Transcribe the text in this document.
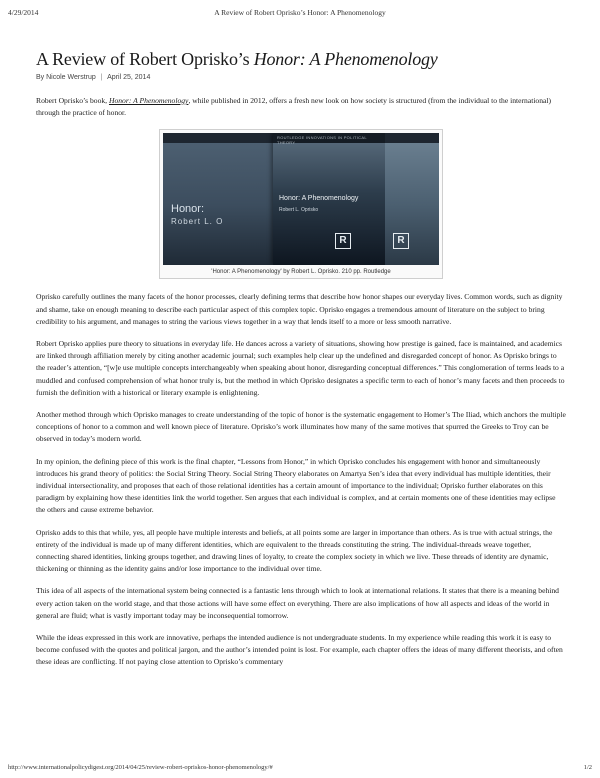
4/29/2014	A Review of Robert Oprisko’s Honor: A Phenomenology
A Review of Robert Oprisko’s Honor: A Phenomenology
By Nicole Werstrup | April 25, 2014

Robert Oprisko’s book, Honor: A Phenomenology, while published in 2012, offers a fresh new look on how society is structured (from the individual to the international) through the practice of honor.

Honor:
Robert L. O
ROUTLEDGE INNOVATIONS IN POLITICAL THEORY
Honor: A Phenomenology
Robert L. Oprisko
R	R
'Honor: A Phenomenology' by Robert L. Oprisko. 210 pp. Routledge

Oprisko carefully outlines the many facets of the honor processes, clearly defining terms that describe how honor shapes our everyday lives. Common words, such as dignity and shame, take on enough meaning to describe each particular aspect of this complex topic. Oprisko engages a tremendous amount of literature on the subject to bring credibility to his argument, and manages to string the various views together in a way that lends itself to a more or less smooth narrative.

Robert Oprisko applies pure theory to situations in everyday life. He dances across a variety of situations, showing how prestige is gained, face is maintained, and academics are linked through affiliation merely by citing another academic journal; such examples help clear up the undefined and disregarded concept of honor. As Oprisko brings to the reader’s attention, “[w]e use multiple concepts interchangeably when speaking about honor, disregarding conceptual differences.” This conglomeration of terms leads to a muddled and confused comprehension of what honor truly is, but the method in which Oprisko designates a specific term to each of honor’s many facets and then proceeds to furnish the definition with a historical or literary example is enlightening.

Another method through which Oprisko manages to create understanding of the topic of honor is the systematic engagement to Homer’s The Iliad, which anchors the multiple conceptions of honor to a common and well known piece of literature. Oprisko’s work illuminates how many of the same motives that spurred the Greeks to Troy can be observed in today’s modern world.

In my opinion, the defining piece of this work is the final chapter, “Lessons from Honor,” in which Oprisko concludes his engagement with honor and simultaneously introduces his grand theory of politics: the Social String Theory. Social String Theory elaborates on Amartya Sen’s idea that every individual has multiple identities, their individual intersectionality, and proposes that each of those relational identities has a certain amount of importance to the individual; Oprisko further elaborates on this paradigm by explaining how these identities link the world together. Sen argues that each individual is complex, and at certain moments one of these identities may eclipse the others and cause extreme behavior.

Oprisko adds to this that while, yes, all people have multiple interests and beliefs, at all points some are larger in importance than others. As is true with actual strings, the entirety of the individual is made up of many different identities, which are equivalent to the threads constituting the string. The individual-threads weave together, connecting shared identities, linking groups together, and drawing lines of loyalty, to create the complex society in which we live. These threads of identity are dynamic, thickening or thinning as the identity gains and/or lose importance to the individual over time.

This idea of all aspects of the international system being connected is a fantastic lens through which to look at international relations. It states that there is a meaning behind every action taken on the world stage, and that those actions will have some effect on everything. There are also implications of how all aspects and ideas of the world in general are fluid; what is vastly important today may be inconsequential tomorrow.

While the ideas expressed in this work are innovative, perhaps the intended audience is not undergraduate students. In my experience while reading this work it is easy to become confused with the quotes and political jargon, and the author’s intended point is lost. For example, each chapter offers the ideas of many different theorists, and often these ideas are conflicting. If not paying close attention to Oprisko’s commentary

http://www.internationalpolicydigest.org/2014/04/25/review-robert-opriskos-honor-phenomenology/#	1/2
